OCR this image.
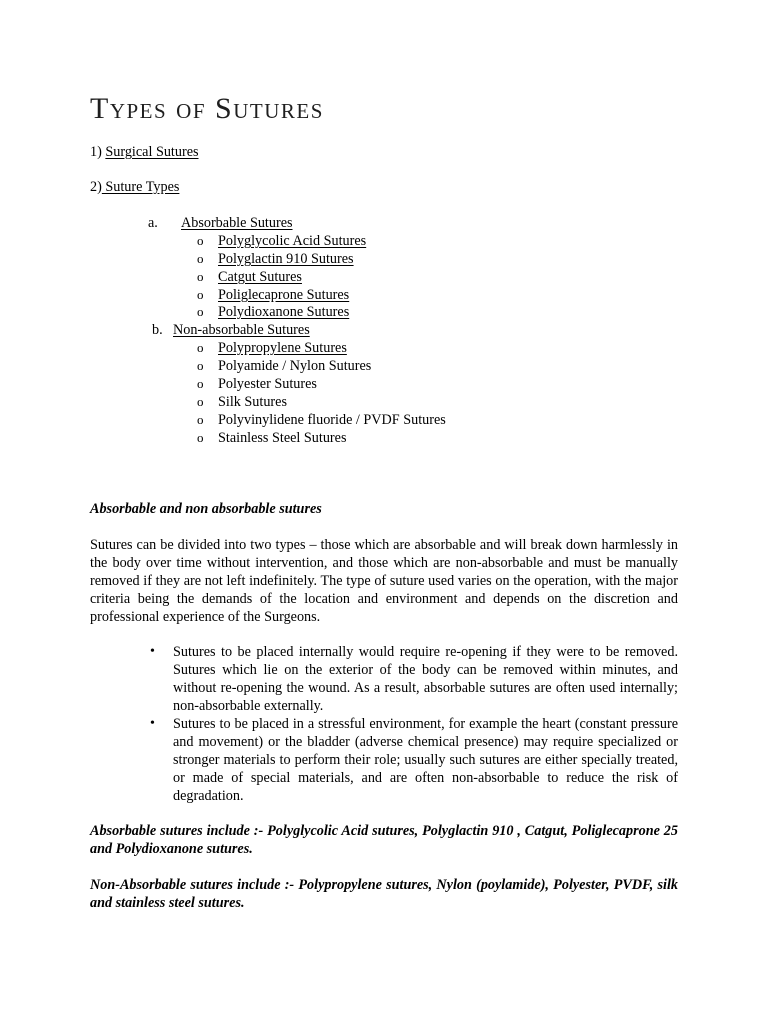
Types of Sutures
1) Surgical Sutures
2) Suture Types
a. Absorbable Sutures
o Polyglycolic Acid Sutures
o Polyglactin 910 Sutures
o Catgut Sutures
o Poliglecaprone Sutures
o Polydioxanone Sutures
b. Non-absorbable Sutures
o Polypropylene Sutures
o Polyamide / Nylon Sutures
o Polyester Sutures
o Silk Sutures
o Polyvinylidene fluoride / PVDF Sutures
o Stainless Steel Sutures
Absorbable and non absorbable sutures

Sutures can be divided into two types – those which are absorbable and will break down harmlessly in the body over time without intervention, and those which are non-absorbable and must be manually removed if they are not left indefinitely. The type of suture used varies on the operation, with the major criteria being the demands of the location and environment and depends on the discretion and professional experience of the Surgeons.

• Sutures to be placed internally would require re-opening if they were to be removed. Sutures which lie on the exterior of the body can be removed within minutes, and without re-opening the wound. As a result, absorbable sutures are often used internally; non-absorbable externally.
• Sutures to be placed in a stressful environment, for example the heart (constant pressure and movement) or the bladder (adverse chemical presence) may require specialized or stronger materials to perform their role; usually such sutures are either specially treated, or made of special materials, and are often non-absorbable to reduce the risk of degradation.

Absorbable sutures include :- Polyglycolic Acid sutures, Polyglactin 910 , Catgut, Poliglecaprone 25 and Polydioxanone sutures.

Non-Absorbable sutures include :- Polypropylene sutures, Nylon (poylamide), Polyester, PVDF, silk and stainless steel sutures.
